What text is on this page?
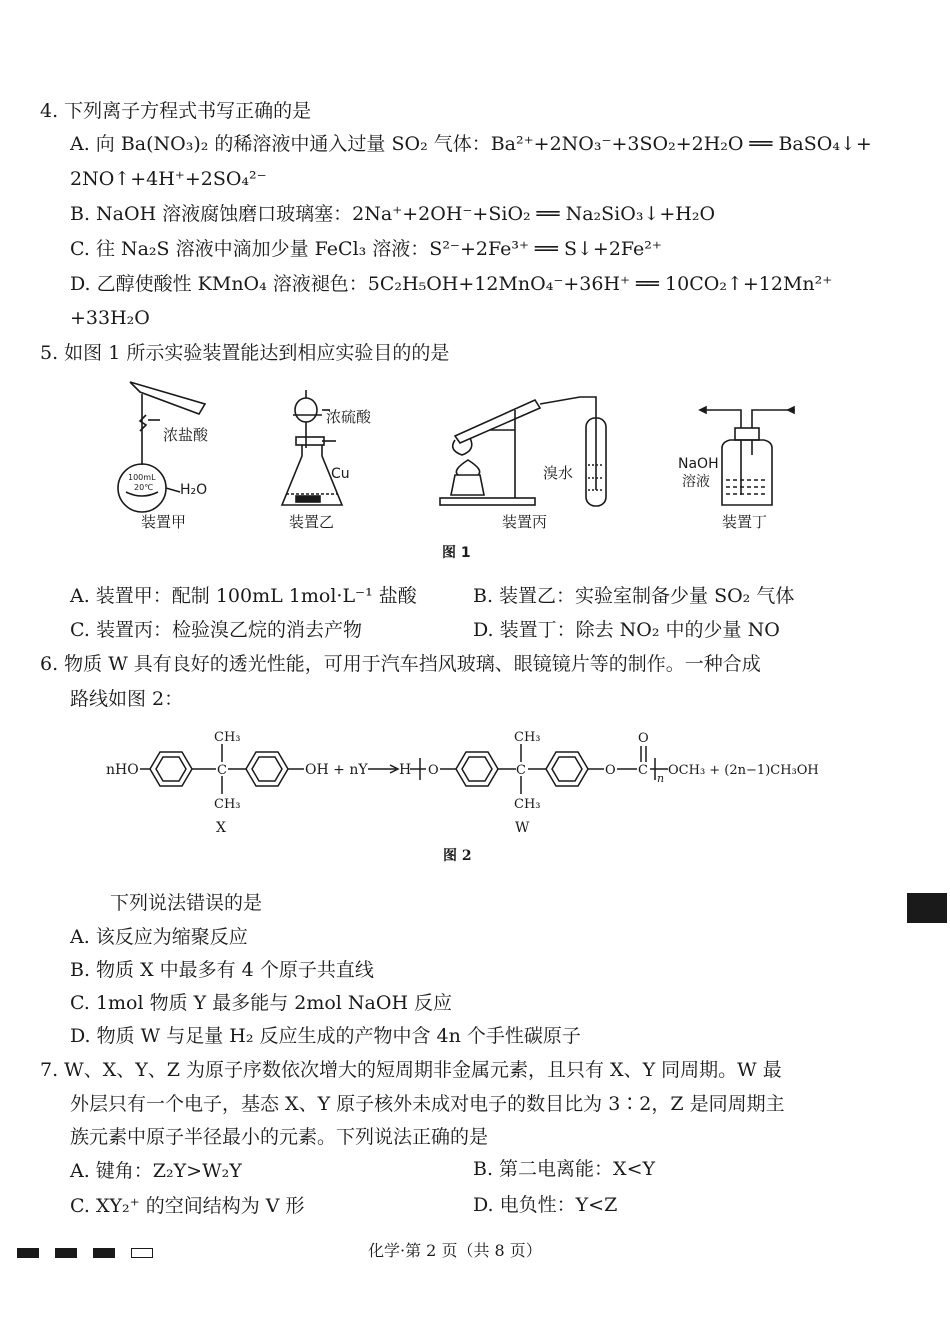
4. 下列离子方程式书写正确的是
A. 向 Ba(NO₃)₂ 的稀溶液中通入过量 SO₂ 气体：Ba²⁺+2NO₃⁻+3SO₂+2H₂O ══ BaSO₄↓+
2NO↑+4H⁺+2SO₄²⁻
B. NaOH 溶液腐蚀磨口玻璃塞：2Na⁺+2OH⁻+SiO₂ ══ Na₂SiO₃↓+H₂O
C. 往 Na₂S 溶液中滴加少量 FeCl₃ 溶液：S²⁻+2Fe³⁺ ══ S↓+2Fe²⁺
D. 乙醇使酸性 KMnO₄ 溶液褪色：5C₂H₅OH+12MnO₄⁻+36H⁺ ══ 10CO₂↑+12Mn²⁺
+33H₂O
5. 如图 1 所示实验装置能达到相应实验目的的是
浓盐酸
H₂O
100mL
20℃
浓硫酸
Cu	溴水	NaOH
溶液
装置甲	装置乙	装置丙	装置丁
图 1
A. 装置甲：配制 100mL 1mol·L⁻¹ 盐酸	B. 装置乙：实验室制备少量 SO₂ 气体
C. 装置丙：检验溴乙烷的消去产物	D. 装置丁：除去 NO₂ 中的少量 NO
6. 物质 W 具有良好的透光性能，可用于汽车挡风玻璃、眼镜镜片等的制作。一种合成
路线如图 2：
nHO	C
CH₃
CH₃
OH + nY
X
H O	C
CH₃
CH₃
O C
O
n
OCH₃ + (2n−1)CH₃OH
W
图 2
下列说法错误的是
A. 该反应为缩聚反应
B. 物质 X 中最多有 4 个原子共直线
C. 1mol 物质 Y 最多能与 2mol NaOH 反应
D. 物质 W 与足量 H₂ 反应生成的产物中含 4n 个手性碳原子
7. W、X、Y、Z 为原子序数依次增大的短周期非金属元素，且只有 X、Y 同周期。W 最
外层只有一个电子，基态 X、Y 原子核外未成对电子的数目比为 3∶2，Z 是同周期主
族元素中原子半径最小的元素。下列说法正确的是
A. 键角：Z₂Y>W₂Y	B. 第二电离能：X<Y
C. XY₂⁺ 的空间结构为 V 形	D. 电负性：Y<Z
化学·第 2 页（共 8 页）
